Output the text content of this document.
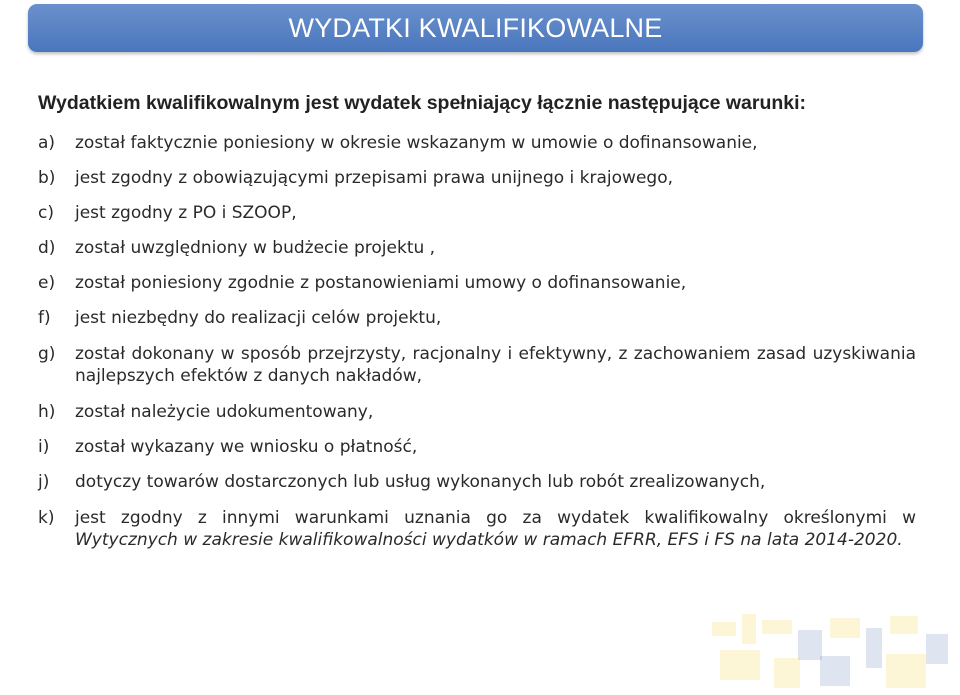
WYDATKI KWALIFIKOWALNE
Wydatkiem kwalifikowalnym jest wydatek spełniający łącznie następujące warunki:
a)	został faktycznie poniesiony w okresie wskazanym w umowie o dofinansowanie,
b)	jest zgodny z obowiązującymi przepisami prawa unijnego i krajowego,
c)	jest zgodny z PO i SZOOP,
d)	został uwzględniony w budżecie projektu ,
e)	został poniesiony zgodnie z postanowieniami umowy o dofinansowanie,
f)	jest niezbędny do realizacji celów projektu,
g)	został dokonany w sposób przejrzysty, racjonalny i efektywny, z zachowaniem zasad uzyskiwania najlepszych efektów z danych nakładów,
h)	został należycie udokumentowany,
i)	został wykazany we wniosku o płatność,
j)	dotyczy towarów dostarczonych lub usług wykonanych lub robót zrealizowanych,
k)	jest zgodny z innymi warunkami uznania go za wydatek kwalifikowalny określonymi w Wytycznych w zakresie kwalifikowalności wydatków w ramach EFRR, EFS i FS na lata 2014-2020.
